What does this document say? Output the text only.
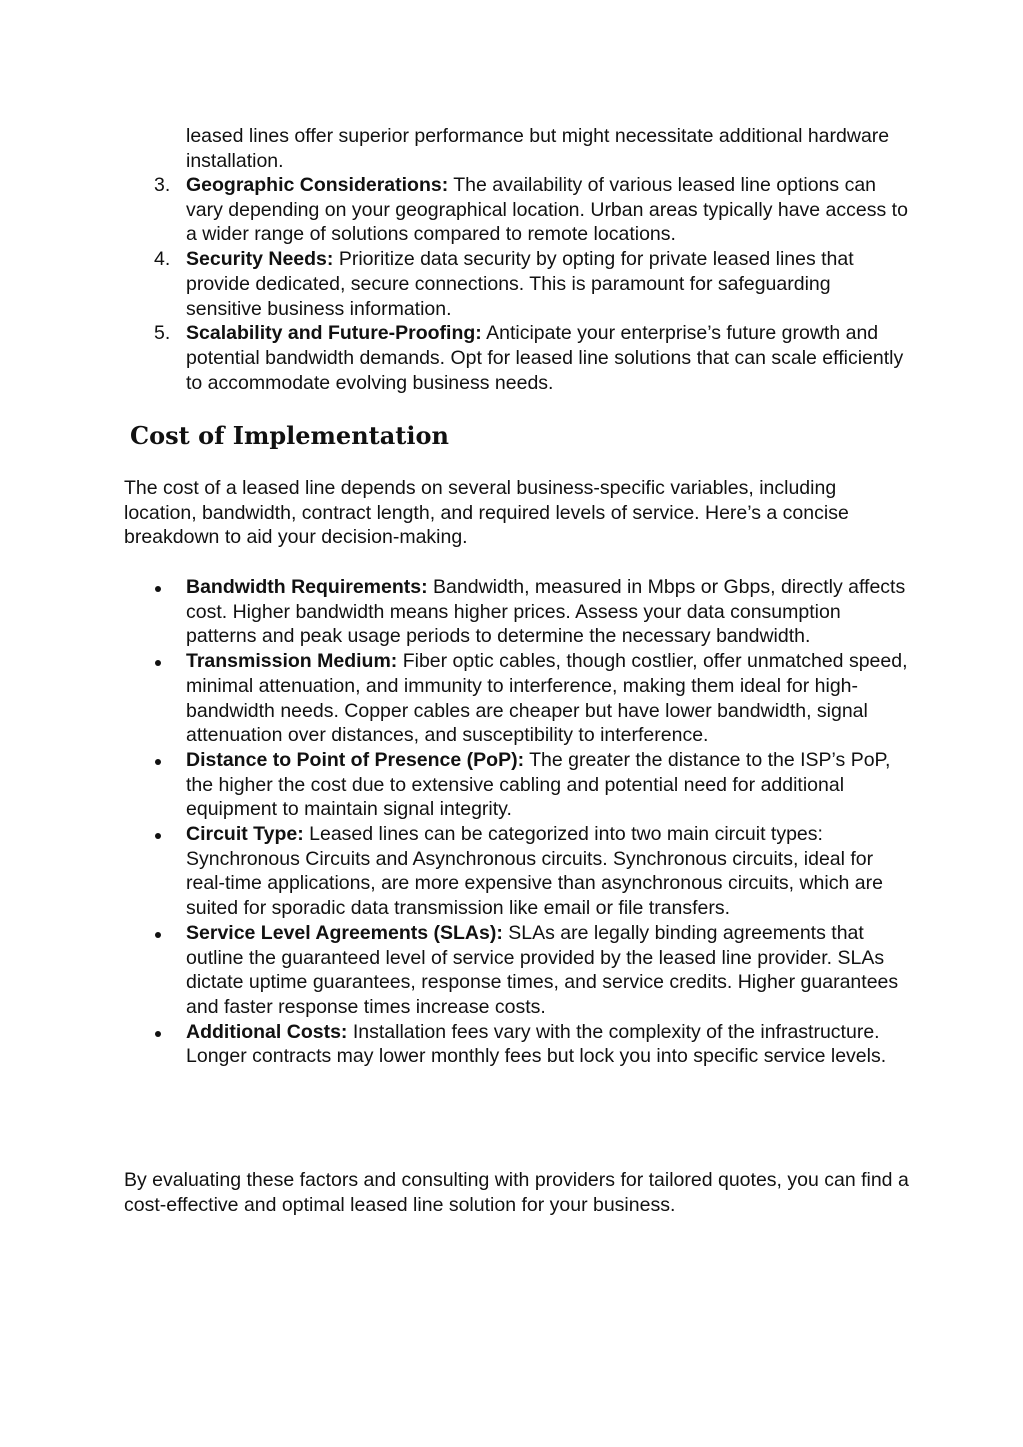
leased lines offer superior performance but might necessitate additional hardware installation.
3. Geographic Considerations: The availability of various leased line options can vary depending on your geographical location. Urban areas typically have access to a wider range of solutions compared to remote locations.
4. Security Needs: Prioritize data security by opting for private leased lines that provide dedicated, secure connections. This is paramount for safeguarding sensitive business information.
5. Scalability and Future-Proofing: Anticipate your enterprise’s future growth and potential bandwidth demands. Opt for leased line solutions that can scale efficiently to accommodate evolving business needs.
Cost of Implementation

The cost of a leased line depends on several business-specific variables, including location, bandwidth, contract length, and required levels of service. Here’s a concise breakdown to aid your decision-making.

Bandwidth Requirements: Bandwidth, measured in Mbps or Gbps, directly affects cost. Higher bandwidth means higher prices. Assess your data consumption patterns and peak usage periods to determine the necessary bandwidth.
Transmission Medium: Fiber optic cables, though costlier, offer unmatched speed, minimal attenuation, and immunity to interference, making them ideal for high-bandwidth needs. Copper cables are cheaper but have lower bandwidth, signal attenuation over distances, and susceptibility to interference.
Distance to Point of Presence (PoP): The greater the distance to the ISP’s PoP, the higher the cost due to extensive cabling and potential need for additional equipment to maintain signal integrity.
Circuit Type: Leased lines can be categorized into two main circuit types: Synchronous Circuits and Asynchronous circuits. Synchronous circuits, ideal for real-time applications, are more expensive than asynchronous circuits, which are suited for sporadic data transmission like email or file transfers.
Service Level Agreements (SLAs): SLAs are legally binding agreements that outline the guaranteed level of service provided by the leased line provider. SLAs dictate uptime guarantees, response times, and service credits. Higher guarantees and faster response times increase costs.
Additional Costs: Installation fees vary with the complexity of the infrastructure. Longer contracts may lower monthly fees but lock you into specific service levels.

By evaluating these factors and consulting with providers for tailored quotes, you can find a cost-effective and optimal leased line solution for your business.
